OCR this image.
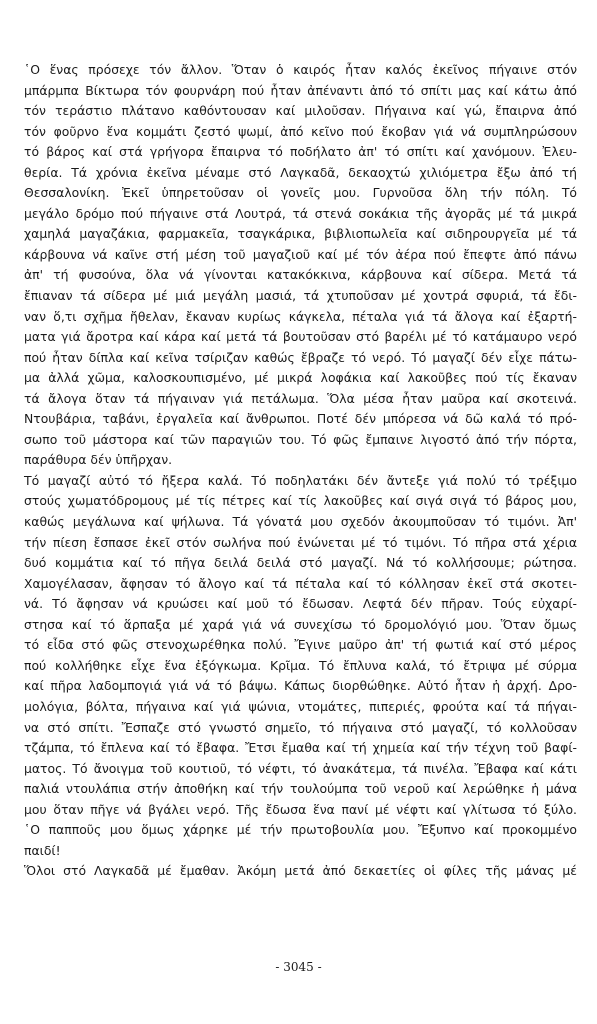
῾Ο ἕνας πρόσεχε τόν ἄλλον. Ὅταν ὁ καιρός ἦταν καλός ἐκεῖνος πήγαινε στόν
μπάρμπα Βίκτωρα τόν φουρνάρη πού ἦταν ἀπέναντι ἀπό τό σπίτι μας καί κάτω ἀπό
τόν τεράστιο πλάτανο καθόντουσαν καί μιλοῦσαν. Πήγαινα καί γώ, ἔπαιρνα ἀπό
τόν φοῦρνο ἕνα κομμάτι ζεστό ψωμί, ἀπό κεῖνο πού ἔκοβαν γιά νά συμπληρώσουν
τό βάρος καί στά γρήγορα ἔπαιρνα τό ποδήλατο ἀπ' τό σπίτι καί χανόμουν. Ἐλευ-
θερία. Τά χρόνια ἐκεῖνα μέναμε στό Λαγκαδᾶ, δεκαοχτώ χιλιόμετρα ἔξω ἀπό τή
Θεσσαλονίκη. Ἐκεῖ ὑπηρετοῦσαν οἱ γονεῖς μου. Γυρνοῦσα ὅλη τήν πόλη. Τό
μεγάλο δρόμο πού πήγαινε στά Λουτρά, τά στενά σοκάκια τῆς ἀγορᾶς μέ τά μικρά
χαμηλά μαγαζάκια, φαρμακεῖα, τσαγκάρικα, βιβλιοπωλεῖα καί σιδηρουργεῖα μέ τά
κάρβουνα νά καῖνε στή μέση τοῦ μαγαζιοῦ καί μέ τόν ἀέρα πού ἔπεφτε ἀπό πάνω
ἀπ' τή φυσούνα, ὅλα νά γίνονται κατακόκκινα, κάρβουνα καί σίδερα. Μετά τά
ἔπιαναν τά σίδερα μέ μιά μεγάλη μασιά, τά χτυποῦσαν μέ χοντρά σφυριά, τά ἔδι-
ναν ὅ,τι σχῆμα ἤθελαν, ἔκαναν κυρίως κάγκελα, πέταλα γιά τά ἄλογα καί ἐξαρτή-
ματα γιά ἄροτρα καί κάρα καί μετά τά βουτοῦσαν στό βαρέλι μέ τό κατάμαυρο νερό
πού ἦταν δίπλα καί κεῖνα τσίριζαν καθώς ἔβραζε τό νερό. Τό μαγαζί δέν εἶχε πάτω-
μα ἀλλά χῶμα, καλοσκουπισμένο, μέ μικρά λοφάκια καί λακοῦβες πού τίς ἔκαναν
τά ἄλογα ὅταν τά πήγαιναν γιά πετάλωμα. Ὅλα μέσα ἦταν μαῦρα καί σκοτεινά.
Ντουβάρια, ταβάνι, ἐργαλεῖα καί ἄνθρωποι. Ποτέ δέν μπόρεσα νά δῶ καλά τό πρό-
σωπο τοῦ μάστορα καί τῶν παραγιῶν του. Τό φῶς ἔμπαινε λιγοστό ἀπό τήν πόρτα,
παράθυρα δέν ὑπῆρχαν.
Τό μαγαζί αὐτό τό ἤξερα καλά. Τό ποδηλατάκι δέν ἄντεξε γιά πολύ τό τρέξιμο
στούς χωματόδρομους μέ τίς πέτρες καί τίς λακοῦβες καί σιγά σιγά τό βάρος μου,
καθώς μεγάλωνα καί ψήλωνα. Τά γόνατά μου σχεδόν ἀκουμποῦσαν τό τιμόνι. Ἀπ'
τήν πίεση ἔσπασε ἐκεῖ στόν σωλήνα πού ἑνώνεται μέ τό τιμόνι. Τό πῆρα στά χέρια
δυό κομμάτια καί τό πῆγα δειλά δειλά στό μαγαζί. Νά τό κολλήσουμε; ρώτησα.
Χαμογέλασαν, ἄφησαν τό ἄλογο καί τά πέταλα καί τό κόλλησαν ἐκεῖ στά σκοτει-
νά. Τό ἄφησαν νά κρυώσει καί μοῦ τό ἔδωσαν. Λεφτά δέν πῆραν. Τούς εὐχαρί-
στησα καί τό ἅρπαξα μέ χαρά γιά νά συνεχίσω τό δρομολόγιό μου. Ὅταν ὅμως
τό εἶδα στό φῶς στενοχωρέθηκα πολύ. Ἔγινε μαῦρο ἀπ' τή φωτιά καί στό μέρος
πού κολλήθηκε εἶχε ἕνα ἐξόγκωμα. Κρῖμα. Τό ἔπλυνα καλά, τό ἔτριψα μέ σύρμα
καί πῆρα λαδομπογιά γιά νά τό βάψω. Κάπως διορθώθηκε. Αὐτό ἦταν ἡ ἀρχή. Δρο-
μολόγια, βόλτα, πήγαινα καί γιά ψώνια, ντομάτες, πιπεριές, φρούτα καί τά πήγαι-
να στό σπίτι. Ἔσπαζε στό γνωστό σημεῖο, τό πήγαινα στό μαγαζί, τό κολλοῦσαν
τζάμπα, τό ἔπλενα καί τό ἔβαφα. Ἔτσι ἔμαθα καί τή χημεία καί τήν τέχνη τοῦ βαφί-
ματος. Τό ἄνοιγμα τοῦ κουτιοῦ, τό νέφτι, τό ἀνακάτεμα, τά πινέλα. Ἔβαφα καί κάτι
παλιά ντουλάπια στήν ἀποθήκη καί τήν τουλούμπα τοῦ νεροῦ καί λερώθηκε ἡ μάνα
μου ὅταν πῆγε νά βγάλει νερό. Τῆς ἔδωσα ἕνα πανί μέ νέφτι καί γλίτωσα τό ξύλο.
῾Ο παπποῦς μου ὅμως χάρηκε μέ τήν πρωτοβουλία μου. Ἔξυπνο καί προκομμένο
παιδί!
Ὅλοι στό Λαγκαδᾶ μέ ἔμαθαν. Ἀκόμη μετά ἀπό δεκαετίες οἱ φίλες τῆς μάνας μέ
- 3045 -
